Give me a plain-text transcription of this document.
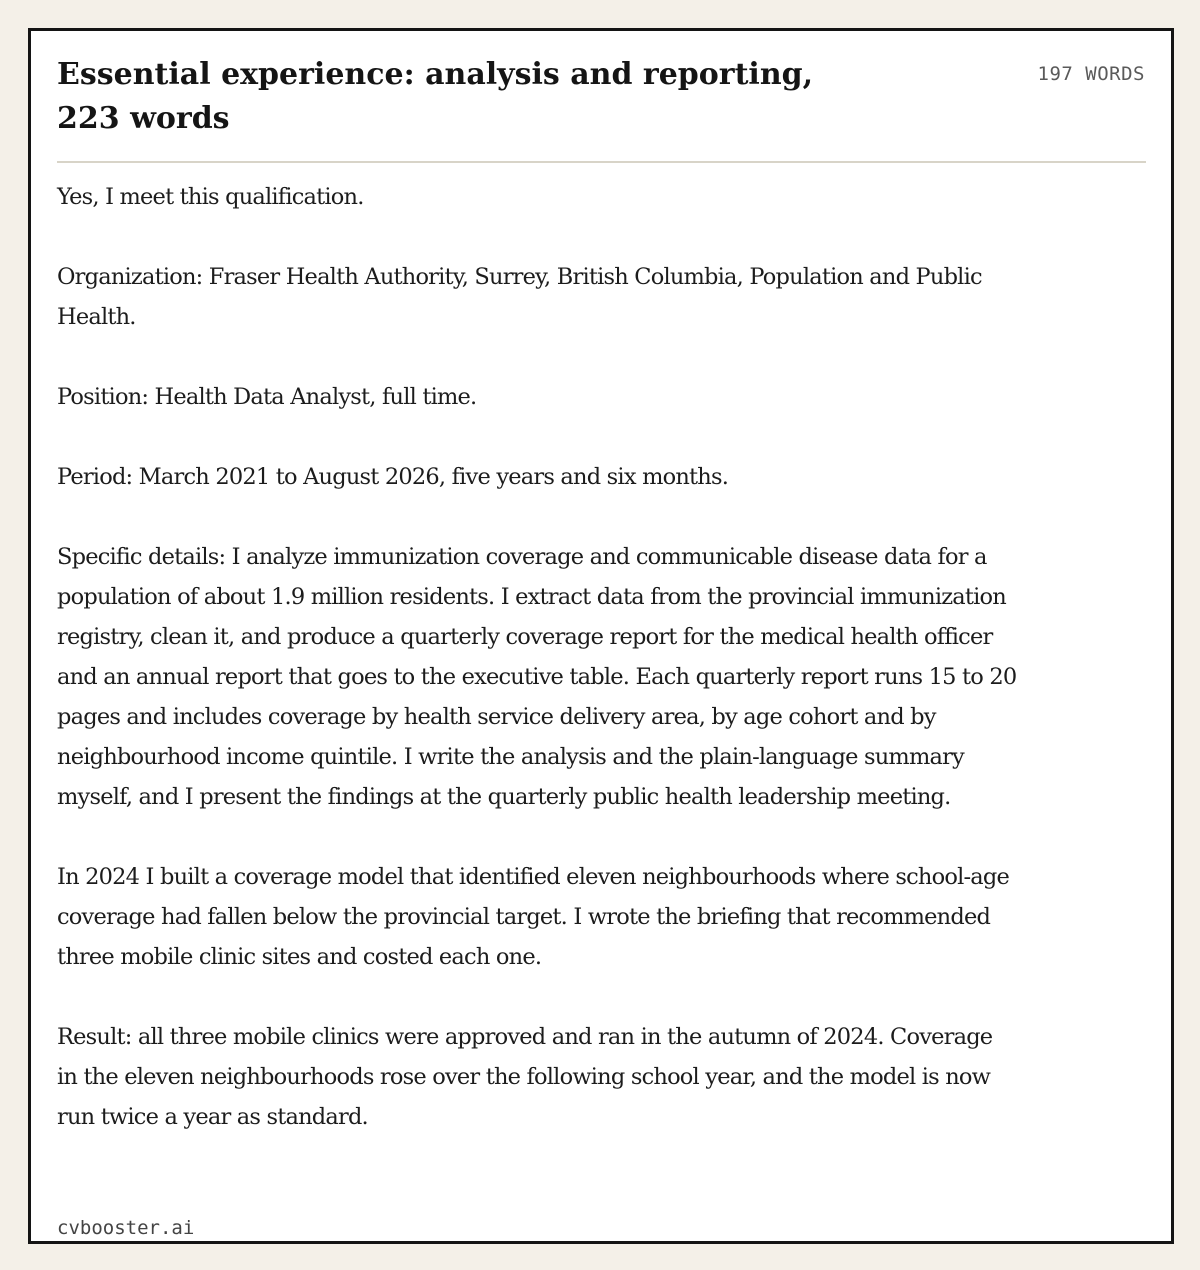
Essential experience: analysis and reporting, 223 words
197 WORDS

Yes, I meet this qualification.

Organization: Fraser Health Authority, Surrey, British Columbia, Population and Public Health.

Position: Health Data Analyst, full time.

Period: March 2021 to August 2026, five years and six months.

Specific details: I analyze immunization coverage and communicable disease data for a population of about 1.9 million residents. I extract data from the provincial immunization registry, clean it, and produce a quarterly coverage report for the medical health officer and an annual report that goes to the executive table. Each quarterly report runs 15 to 20 pages and includes coverage by health service delivery area, by age cohort and by neighbourhood income quintile. I write the analysis and the plain-language summary myself, and I present the findings at the quarterly public health leadership meeting.

In 2024 I built a coverage model that identified eleven neighbourhoods where school-age coverage had fallen below the provincial target. I wrote the briefing that recommended three mobile clinic sites and costed each one.

Result: all three mobile clinics were approved and ran in the autumn of 2024. Coverage in the eleven neighbourhoods rose over the following school year, and the model is now run twice a year as standard.

cvbooster.ai
